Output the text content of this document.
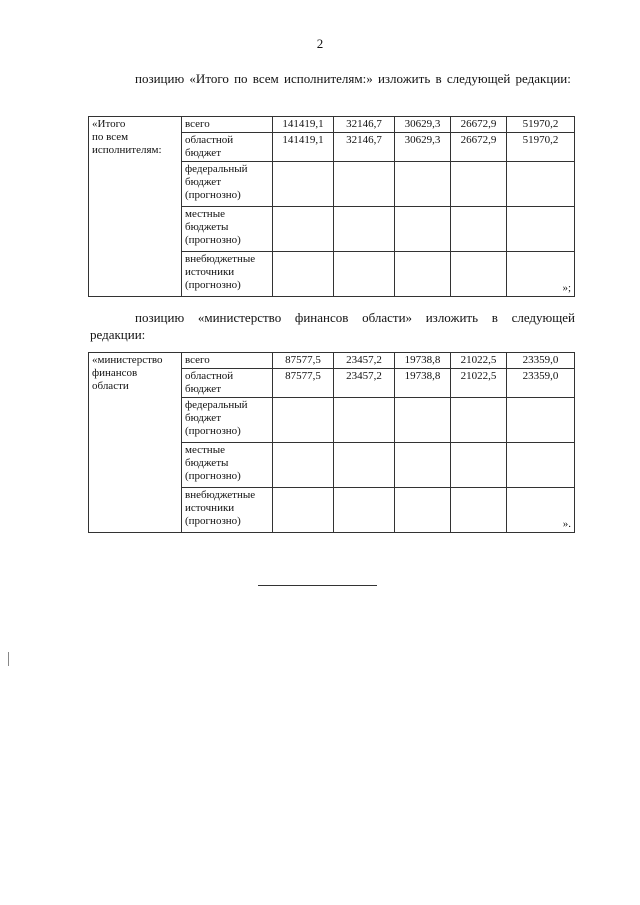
2
позицию «Итого по всем исполнителям:» изложить в следующей редакции:
«Итого
по всем
исполнителям:	всего	141419,1	32146,7	30629,3	26672,9	51970,2
	областной бюджет	141419,1	32146,7	30629,3	26672,9	51970,2
	федеральный бюджет (прогнозно)					
	местные бюджеты (прогнозно)					
	внебюджетные источники (прогнозно)					»;
позицию «министерство финансов области» изложить в следующей редакции:
«министерство
финансов
области	всего	87577,5	23457,2	19738,8	21022,5	23359,0
	областной бюджет	87577,5	23457,2	19738,8	21022,5	23359,0
	федеральный бюджет (прогнозно)					
	местные бюджеты (прогнозно)					
	внебюджетные источники (прогнозно)					».
